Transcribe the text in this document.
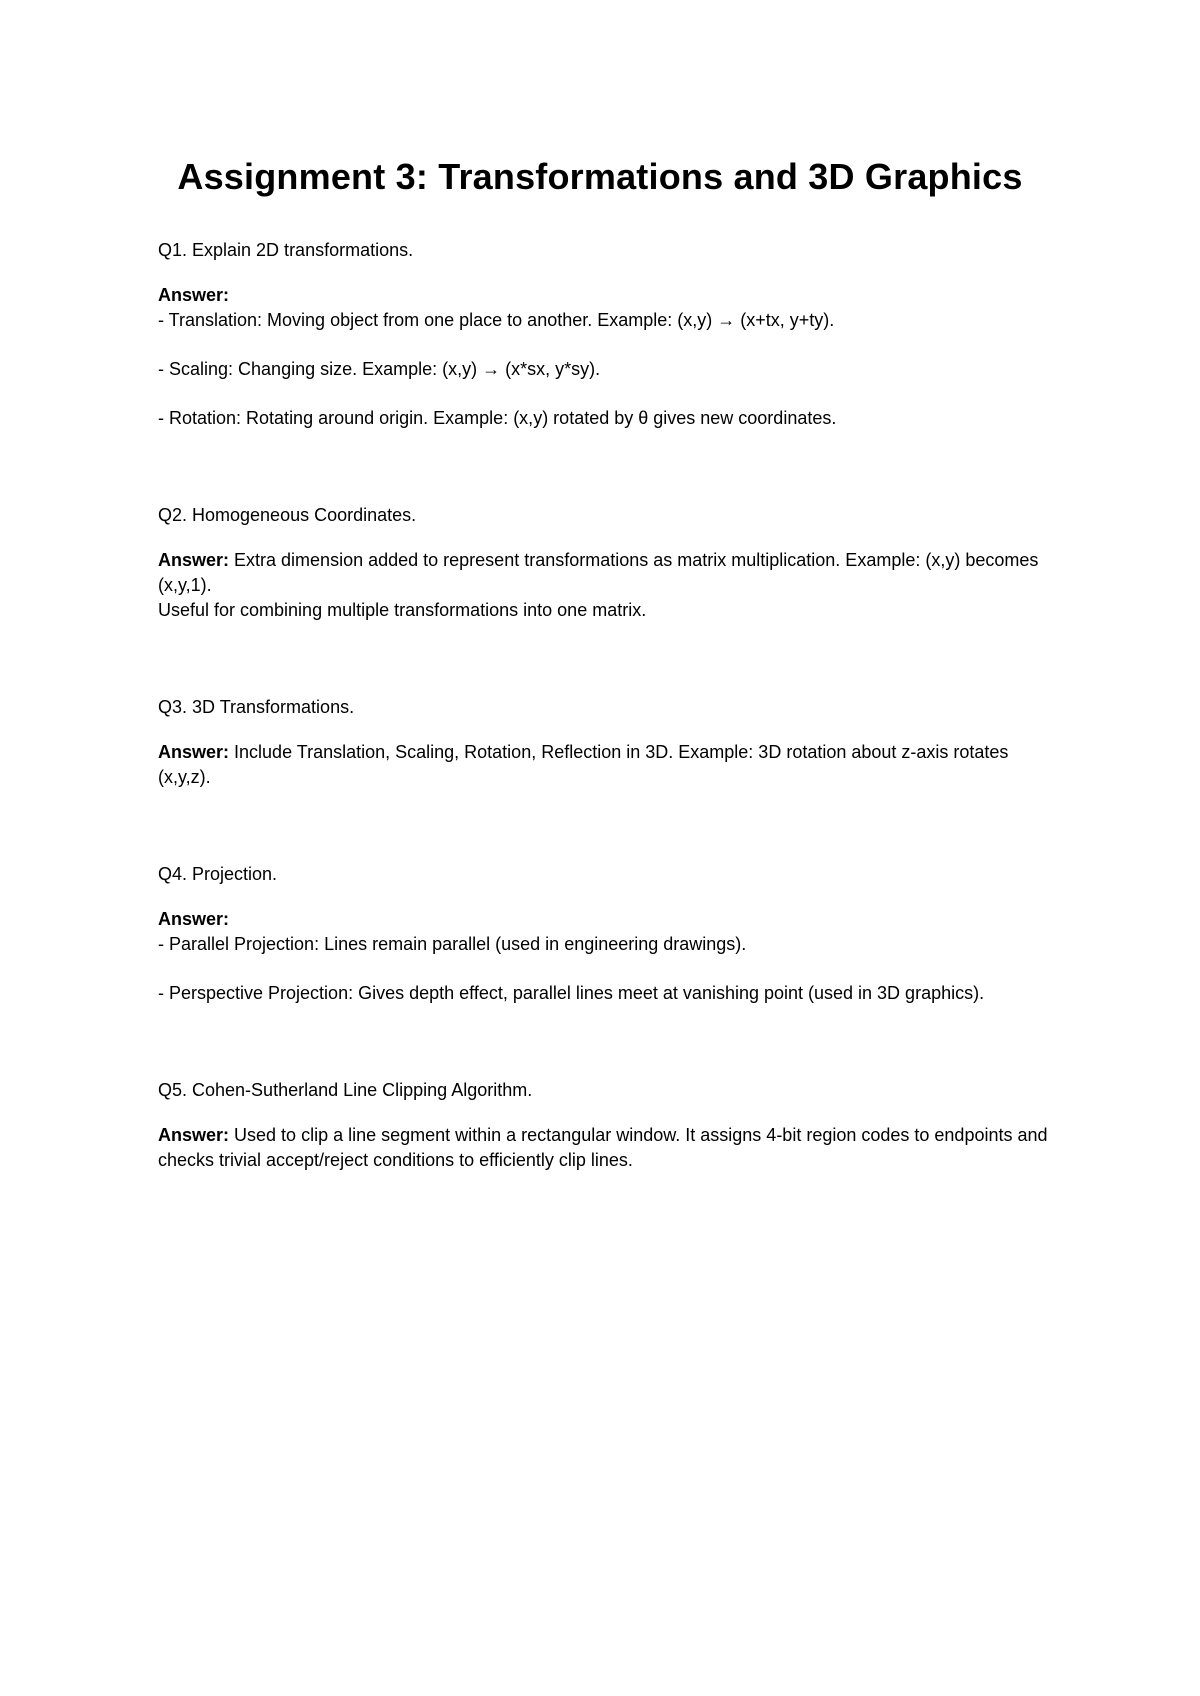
Assignment 3: Transformations and 3D Graphics

Q1. Explain 2D transformations.

Answer:
- Translation: Moving object from one place to another. Example: (x,y) → (x+tx, y+ty).
- Scaling: Changing size. Example: (x,y) → (x*sx, y*sy).
- Rotation: Rotating around origin. Example: (x,y) rotated by θ gives new coordinates.

Q2. Homogeneous Coordinates.

Answer: Extra dimension added to represent transformations as matrix multiplication. Example: (x,y) becomes (x,y,1).
Useful for combining multiple transformations into one matrix.

Q3. 3D Transformations.

Answer: Include Translation, Scaling, Rotation, Reflection in 3D. Example: 3D rotation about z-axis rotates (x,y,z).

Q4. Projection.

Answer:
- Parallel Projection: Lines remain parallel (used in engineering drawings).
- Perspective Projection: Gives depth effect, parallel lines meet at vanishing point (used in 3D graphics).

Q5. Cohen-Sutherland Line Clipping Algorithm.

Answer: Used to clip a line segment within a rectangular window. It assigns 4-bit region codes to endpoints and checks trivial accept/reject conditions to efficiently clip lines.
